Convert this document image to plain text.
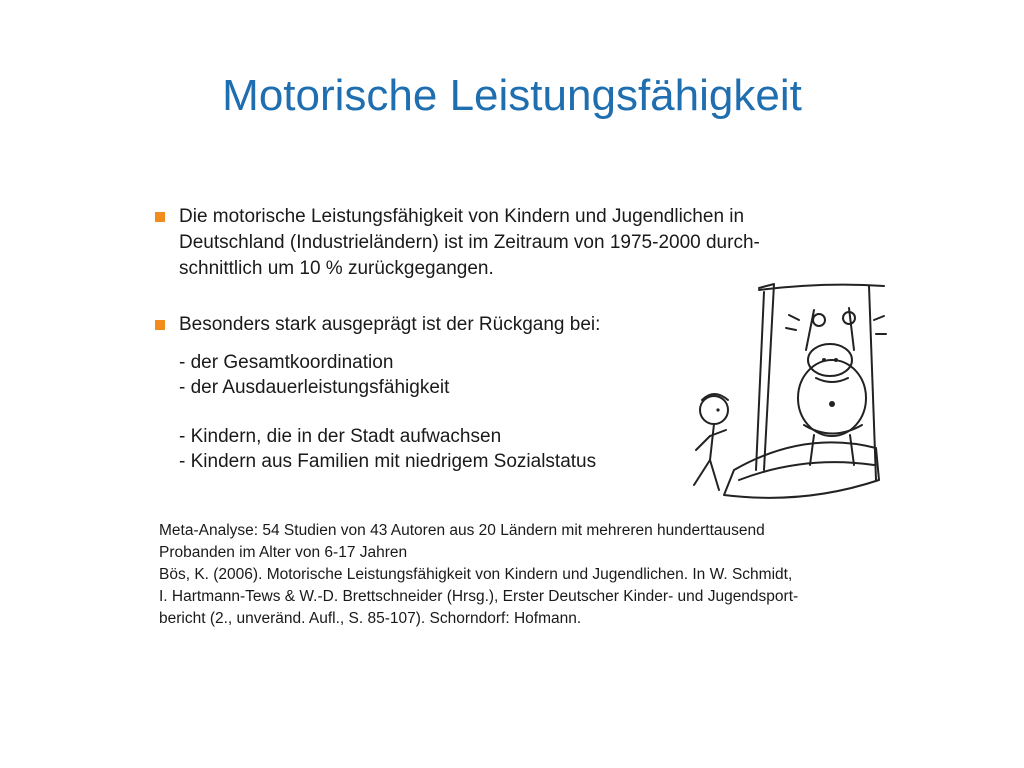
Motorische Leistungsfähigkeit
Die motorische Leistungsfähigkeit von Kindern und Jugendlichen in
Deutschland (Industrieländern) ist im Zeitraum von 1975-2000 durch-
schnittlich um 10 % zurückgegangen.
Besonders stark ausgeprägt ist der Rückgang bei:
- der Gesamtkoordination
- der Ausdauerleistungsfähigkeit
- Kindern, die in der Stadt aufwachsen
- Kindern aus Familien mit niedrigem Sozialstatus
Meta-Analyse: 54 Studien von 43 Autoren aus 20 Ländern mit mehreren hunderttausend
Probanden im Alter von 6-17 Jahren
Bös, K. (2006). Motorische Leistungsfähigkeit von Kindern und Jugendlichen. In W. Schmidt,
I. Hartmann-Tews & W.-D. Brettschneider (Hrsg.), Erster Deutscher Kinder- und Jugendsport-
bericht (2., unveränd. Aufl., S. 85-107). Schorndorf: Hofmann.
